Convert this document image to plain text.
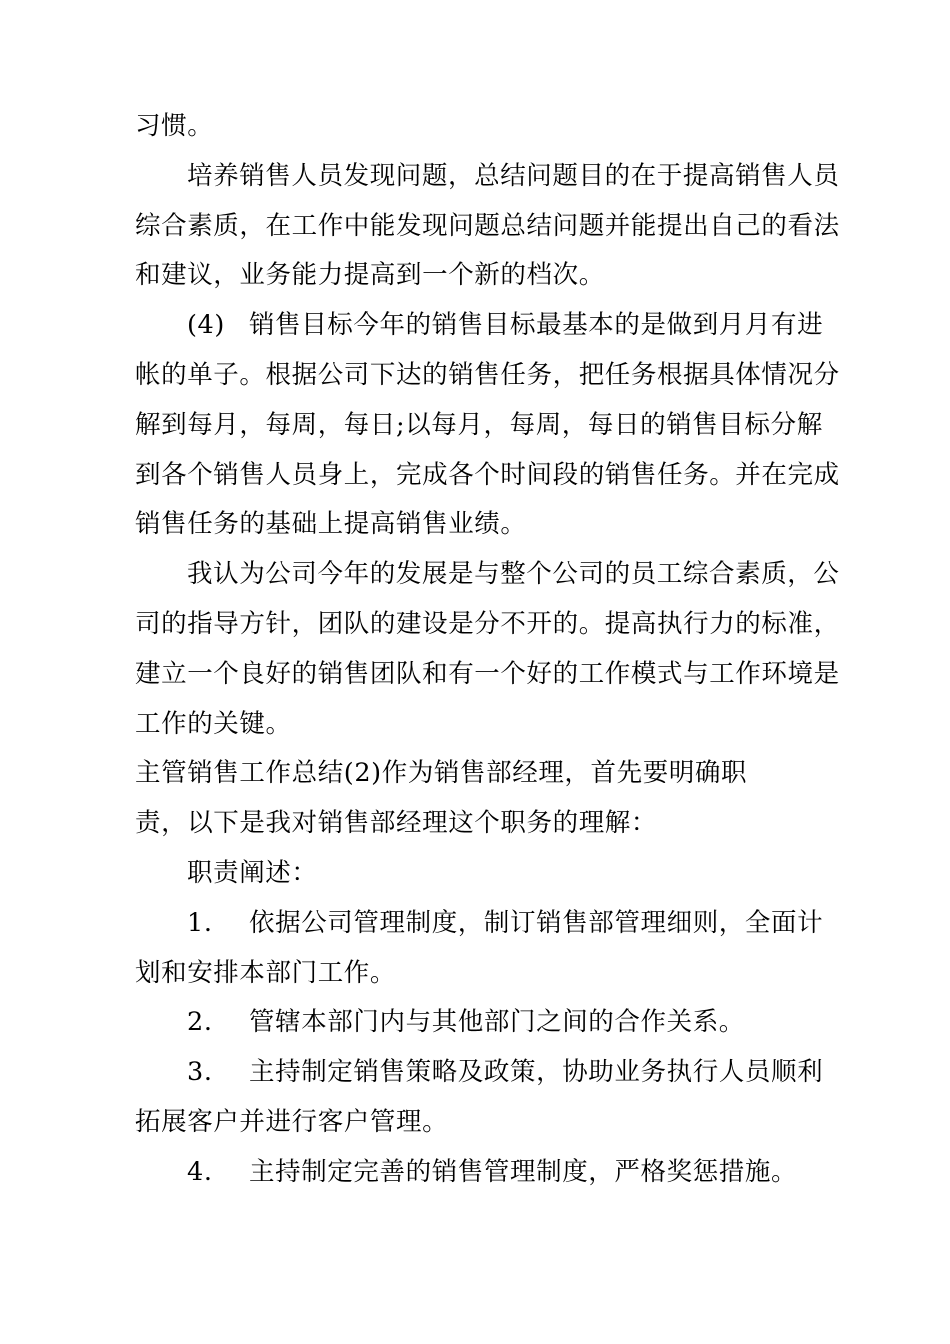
习惯。
培养销售人员发现问题，总结问题目的在于提高销售人员
综合素质，在工作中能发现问题总结问题并能提出自己的看法
和建议，业务能力提高到一个新的档次。
(4) 销售目标今年的销售目标最基本的是做到月月有进
帐的单子。根据公司下达的销售任务，把任务根据具体情况分
解到每月，每周，每日;以每月，每周，每日的销售目标分解
到各个销售人员身上，完成各个时间段的销售任务。并在完成
销售任务的基础上提高销售业绩。
我认为公司今年的发展是与整个公司的员工综合素质，公
司的指导方针，团队的建设是分不开的。提高执行力的标准，
建立一个良好的销售团队和有一个好的工作模式与工作环境是
工作的关键。
主管销售工作总结(2)作为销售部经理，首先要明确职
责，以下是我对销售部经理这个职务的理解：
职责阐述：
1. 依据公司管理制度，制订销售部管理细则，全面计
划和安排本部门工作。
2. 管辖本部门内与其他部门之间的合作关系。
3. 主持制定销售策略及政策，协助业务执行人员顺利
拓展客户并进行客户管理。
4. 主持制定完善的销售管理制度，严格奖惩措施。
